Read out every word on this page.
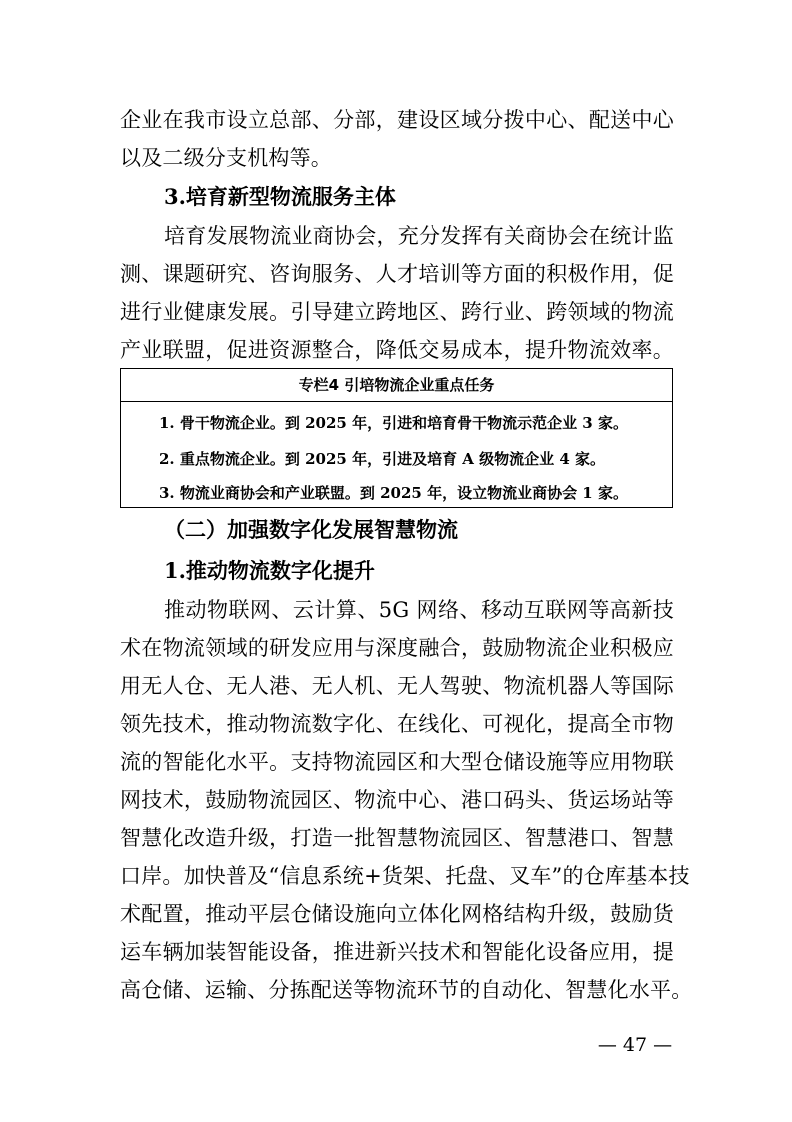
企业在我市设立总部、分部，建设区域分拨中心、配送中心
以及二级分支机构等。
3.培育新型物流服务主体
培育发展物流业商协会，充分发挥有关商协会在统计监
测、课题研究、咨询服务、人才培训等方面的积极作用，促
进行业健康发展。引导建立跨地区、跨行业、跨领域的物流
产业联盟，促进资源整合，降低交易成本，提升物流效率。
专栏4 引培物流企业重点任务
1. 骨干物流企业。到 2025 年，引进和培育骨干物流示范企业 3 家。
2. 重点物流企业。到 2025 年，引进及培育 A 级物流企业 4 家。
3. 物流业商协会和产业联盟。到 2025 年，设立物流业商协会 1 家。
（二）加强数字化发展智慧物流
1.推动物流数字化提升
推动物联网、云计算、5G 网络、移动互联网等高新技
术在物流领域的研发应用与深度融合，鼓励物流企业积极应
用无人仓、无人港、无人机、无人驾驶、物流机器人等国际
领先技术，推动物流数字化、在线化、可视化，提高全市物
流的智能化水平。支持物流园区和大型仓储设施等应用物联
网技术，鼓励物流园区、物流中心、港口码头、货运场站等
智慧化改造升级，打造一批智慧物流园区、智慧港口、智慧
口岸。加快普及“信息系统+货架、托盘、叉车”的仓库基本技
术配置，推动平层仓储设施向立体化网格结构升级，鼓励货
运车辆加装智能设备，推进新兴技术和智能化设备应用，提
高仓储、运输、分拣配送等物流环节的自动化、智慧化水平。
— 47 —
